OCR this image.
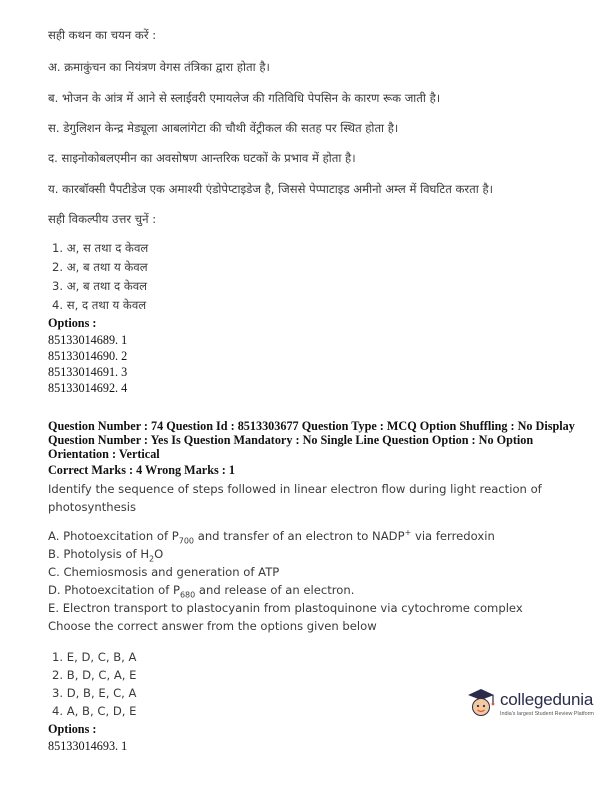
सही कथन का चयन करें :
अ. क्रमाकुंचन का नियंत्रण वेगस तंत्रिका द्वारा होता है।
ब. भोजन के आंत्र में आने से स्लाईवरी एमायलेज की गतिविधि पेपसिन के कारण रूक जाती है।
स. डेगुलिशन केन्द्र मेड्यूला आबलांगेटा की चौथी वेंट्रीकल की सतह पर स्थित होता है।
द. साइनोकोबलएमीन का अवसोषण आन्तरिक घटकों के प्रभाव में होता है।
य. कारबॉक्सी पैपटीडेज एक अमाश्यी एंडोपेप्टाइडेज है, जिससे पेप्पाटाइड अमीनो अम्ल में विघटित करता है।
सही विकल्पीय उत्तर चुनें :
1. अ, स तथा द केवल
2. अ, ब तथा य केवल
3. अ, ब तथा द केवल
4. स, द तथा य केवल
Options :
85133014689. 1
85133014690. 2
85133014691. 3
85133014692. 4
Question Number : 74 Question Id : 8513303677 Question Type : MCQ Option Shuffling : No Display
Question Number : Yes Is Question Mandatory : No Single Line Question Option : No Option
Orientation : Vertical
Correct Marks : 4 Wrong Marks : 1
Identify the sequence of steps followed in linear electron flow during light reaction of
photosynthesis
A. Photoexcitation of $P_{700}$ and transfer of an electron to NADP+ via ferredoxin
B. Photolysis of $H_2O$
C. Chemiosmosis and generation of ATP
D. Photoexcitation of $P_{680}$ and release of an electron.
E. Electron transport to plastocyanin from plastoquinone via cytochrome complex
Choose the correct answer from the options given below
1. E, D, C, B, A
2. B, D, C, A, E
3. D, B, E, C, A
4. A, B, C, D, E
Options :
85133014693. 1
collegedunia
India's largest Student Review Platform
